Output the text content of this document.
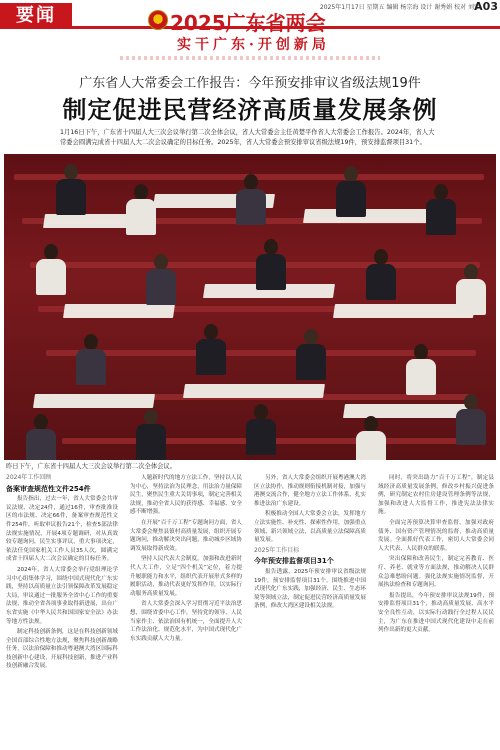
要闻	2025年1月17日 星期五 编辑 杨宗海 设计 谢秀娟 校对 刘宇
A03
2025广东省两会
实干广东·开创新局
广东省人大常委会工作报告：今年预安排审议省级法规19件
制定促进民营经济高质量发展条例
1月16日下午，广东省十四届人大三次会议举行第二次全体会议，省人大常委会主任黄楚平作省人大常委会工作报告。2024年，省人大常委会圆满完成省十四届人大二次会议确定的目标任务。2025年，省人大常委会预安排审议省级法规19件，预安排监督项目31个。
昨日下午，广东省十四届人大三次会议举行第二次全体会议。

2024年工作回顾

备案审查规范性文件254件

报告指出，过去一年，省人大常委会共审议法规、决定24件，通过16件，审查批准设区的市法规、决定66件，备案审查规范性文件254件，听取审议报告21个，检查5部法律法规实施情况，开展4项专题调研，对从真效较专题询问，民生实事评议，重大事项决定，依法任免国家机关工作人员35人次，圆满完成省十四届人大二次会议确定的目标任务。

2024年，省人大常委会举行党组理论学习中心组集体学习，围绕中国式现代化广东实践，坚持以高质量立法引领保障改革发展稳定大局，审议通过一批服务全省中心工作的重要法规，推动全省各项事业取得新进展，出台广东省实施《中华人民共和国国家安全法》办法等地方性法规。

制定科技创新条例，这是在科技创新领域全国首部综合性地方法规，聚焦科技创新战略任务，以法治保障和推动粤港澳大湾区国际科技创新中心建设，开展科技创新，推进产业科技创新融合发展。

人题新时代的地方立法工作，坚持以人民为中心，坚持法治为民理念，用法治力量保障民生，聚焦民生重大关切事项，制定完善相关法规，推动全省人民的获得感、幸福感、安全感不断增强。

在开展“百千万工程”专题询问方面，省人大常委会聚焦县镇村高质量发展，组织开展专题询问，推动解决突出问题，推动城乡区域协调发展取得新成效。

坚持人民代表大会制度，加强和改进新时代人大工作，立足“四个机关”定位，着力提升履职能力和水平，组织代表开展形式多样的履职活动，推动代表更好发挥作用，以实际行动服务高质量发展。

省人大常委会深入学习贯彻习近平法治思想，围绕省委中心工作，坚持党的领导、人民当家作主、依法治国有机统一，全面提升人大工作法治化、规范化水平，为中国式现代化广东实践贡献人大力量。

另外，省人大常委会组织开展粤港澳大湾区立法协作，推动规则衔接机制对接，加强与港澳交流合作，健全地方立法工作体系，扎实推进法治广东建设。

积极推动全国人大常委会立法，发挥地方立法实施性、补充性、探索性作用，加强重点领域、新兴领域立法，以高质量立法保障高质量发展。

2025年工作目标

今年预安排监督项目31个

报告透露，2025年预安排审议省级法规19件，预安排监督项目31个。围绕推进中国式现代化广东实践，加强经济、民生、生态环境等领域立法，制定促进民营经济高质量发展条例，修改大湾区建设相关法规。

同时，将突出助力“百千万工程”，制定县域经济高质量发展条例，修改乡村振兴促进条例，研究制定农村住房建设管理条例等法规，加强和改进人大监督工作，推进宪法法律实施。

全面完善预算决算审查监督，加强对政府债务、国有资产管理情况的监督，推动高质量发展。全面抓好代表工作，密切人大常委会同人大代表、人民群众的联系。

突出保障和改善民生，制定完善教育、医疗、养老、就业等方面法规，推动解决人民群众急难愁盼问题。强化法规实施情况监督，开展执法检查和专题询问。

报告提出，今年预安排审议法规19件，预安排监督项目31个，推动高质量发展、高水平安全良性互动，以实际行动践行全过程人民民主，为广东在推进中国式现代化建设中走在前列作出新的更大贡献。
